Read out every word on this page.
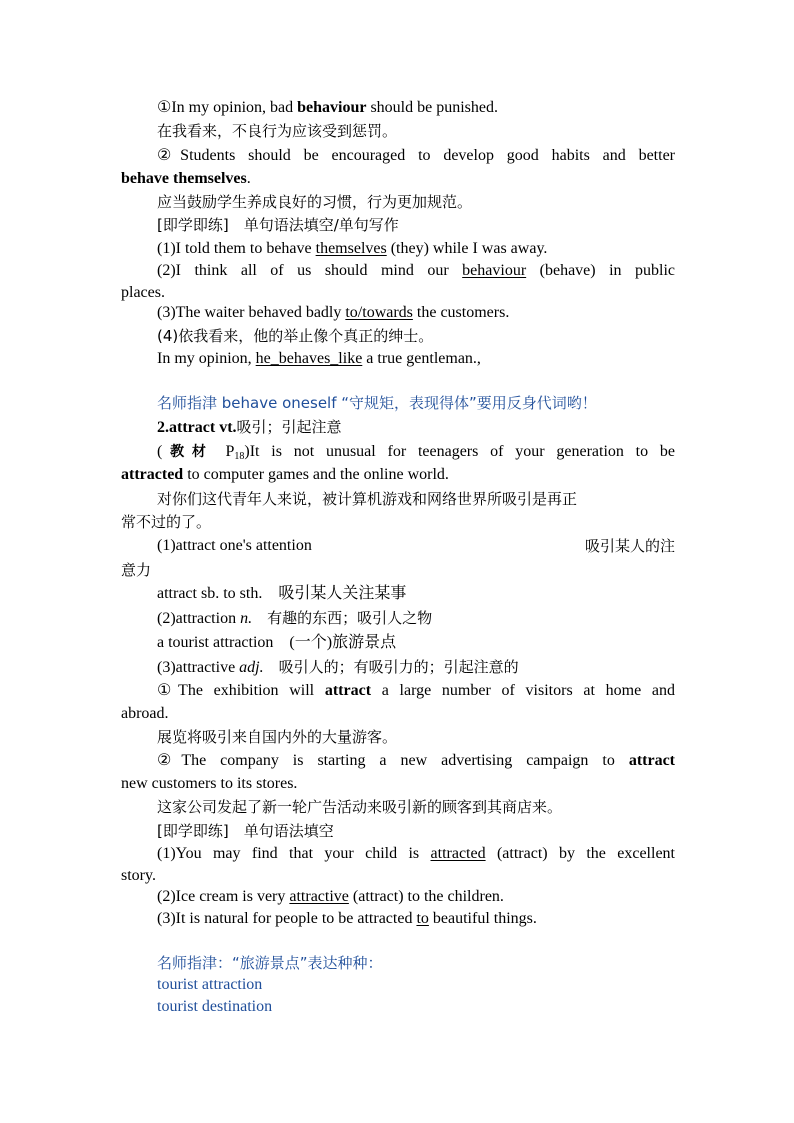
①In my opinion, bad behaviour should be punished.
在我看来，不良行为应该受到惩罚。
②Students should be encouraged to develop good habits and better
behave themselves.
应当鼓励学生养成良好的习惯，行为更加规范。
[即学即练]　单句语法填空/单句写作
(1)I told them to behave themselves (they) while I was away.
(2)I think all of us should mind our behaviour (behave) in public
places.
(3)The waiter behaved badly to/towards the customers.
(4)依我看来，他的举止像个真正的绅士。
In my opinion, he_behaves_like a true gentleman.,
名师指津 behave oneself “守规矩，表现得体”要用反身代词哟！
2.attract vt.吸引；引起注意
(教材 $P_{18})It$ is not unusual for teenagers of your generation to be
attracted to computer games and the online world.
对你们这代青年人来说，被计算机游戏和网络世界所吸引是再正
常不过的了。
(1)attract one's attention	吸引某人的注
意力
attract sb. to sth.　吸引某人关注某事
(2)attraction n.　有趣的东西；吸引人之物
a tourist attraction　(一个)旅游景点
(3)attractive adj.　吸引人的；有吸引力的；引起注意的
①The exhibition will attract a large number of visitors at home and
abroad.
展览将吸引来自国内外的大量游客。
②The company is starting a new advertising campaign to attract
new customers to its stores.
这家公司发起了新一轮广告活动来吸引新的顾客到其商店来。
[即学即练]　单句语法填空
(1)You may find that your child is attracted (attract) by the excellent
story.
(2)Ice cream is very attractive (attract) to the children.
(3)It is natural for people to be attracted to beautiful things.
名师指津：“旅游景点”表达种种：
tourist attraction
tourist destination
